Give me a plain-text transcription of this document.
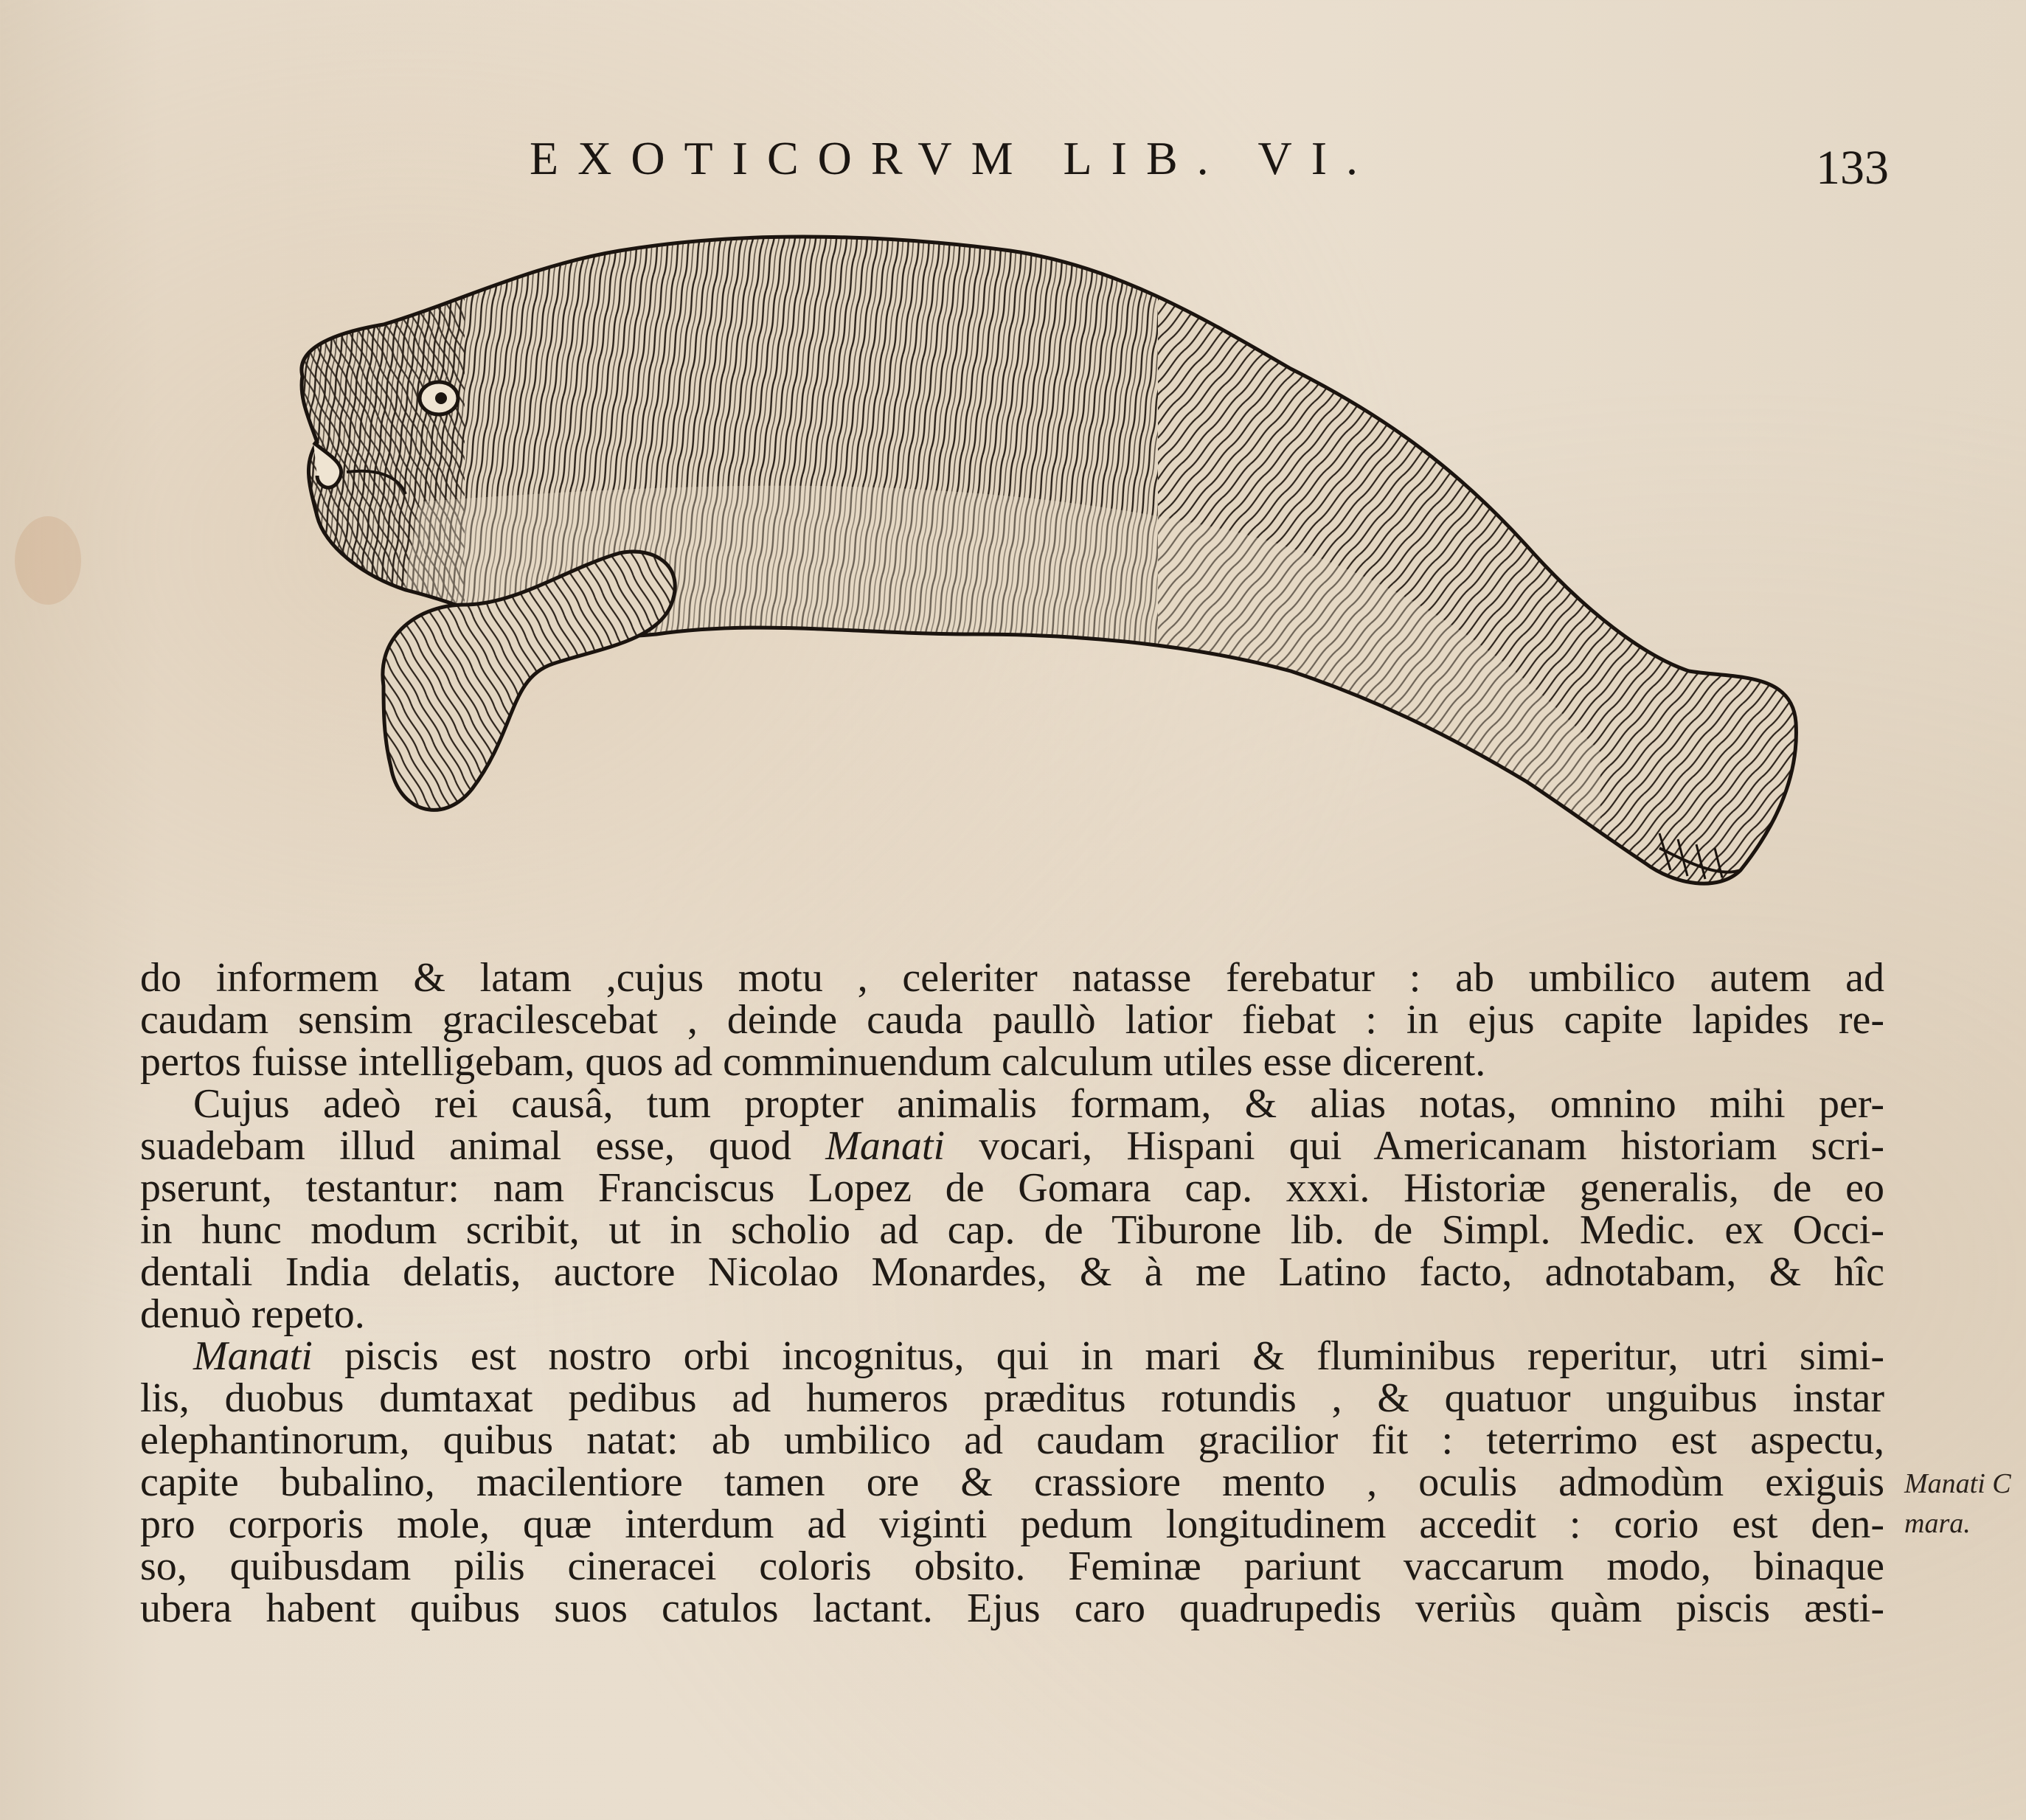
EXOTICORVM LIB. VI.	133

do informem & latam ,cujus motu , celeriter natasse ferebatur : ab umbilico autem ad
caudam sensim gracilescebat , deinde cauda paullò latior fiebat : in ejus capite lapides re-
pertos fuisse intelligebam, quos ad comminuendum calculum utiles esse dicerent.

Cujus adeò rei causâ, tum propter animalis formam, & alias notas, omnino mihi per-
suadebam illud animal esse, quod Manati vocari, Hispani qui Americanam historiam scri-
pserunt, testantur: nam Franciscus Lopez de Gomara cap. xxxi. Historiæ generalis, de eo
in hunc modum scribit, ut in scholio ad cap. de Tiburone lib. de Simpl. Medic. ex Occi-
dentali India delatis, auctore Nicolao Monardes, & à me Latino facto, adnotabam, & hîc
denuò repeto.

Manati piscis est nostro orbi incognitus, qui in mari & fluminibus reperitur, utri simi-
lis, duobus dumtaxat pedibus ad humeros præditus rotundis , & quatuor unguibus instar
elephantinorum, quibus natat: ab umbilico ad caudam gracilior fit : teterrimo est aspectu,
capite bubalino, macilentiore tamen ore & crassiore mento , oculis admodùm exiguis
pro corporis mole, quæ interdum ad viginti pedum longitudinem accedit : corio est den-
so, quibusdam pilis cineracei coloris obsito. Feminæ pariunt vaccarum modo, binaque
ubera habent quibus suos catulos lactant. Ejus caro quadrupedis veriùs quàm piscis æsti-

Manati C
mara.
